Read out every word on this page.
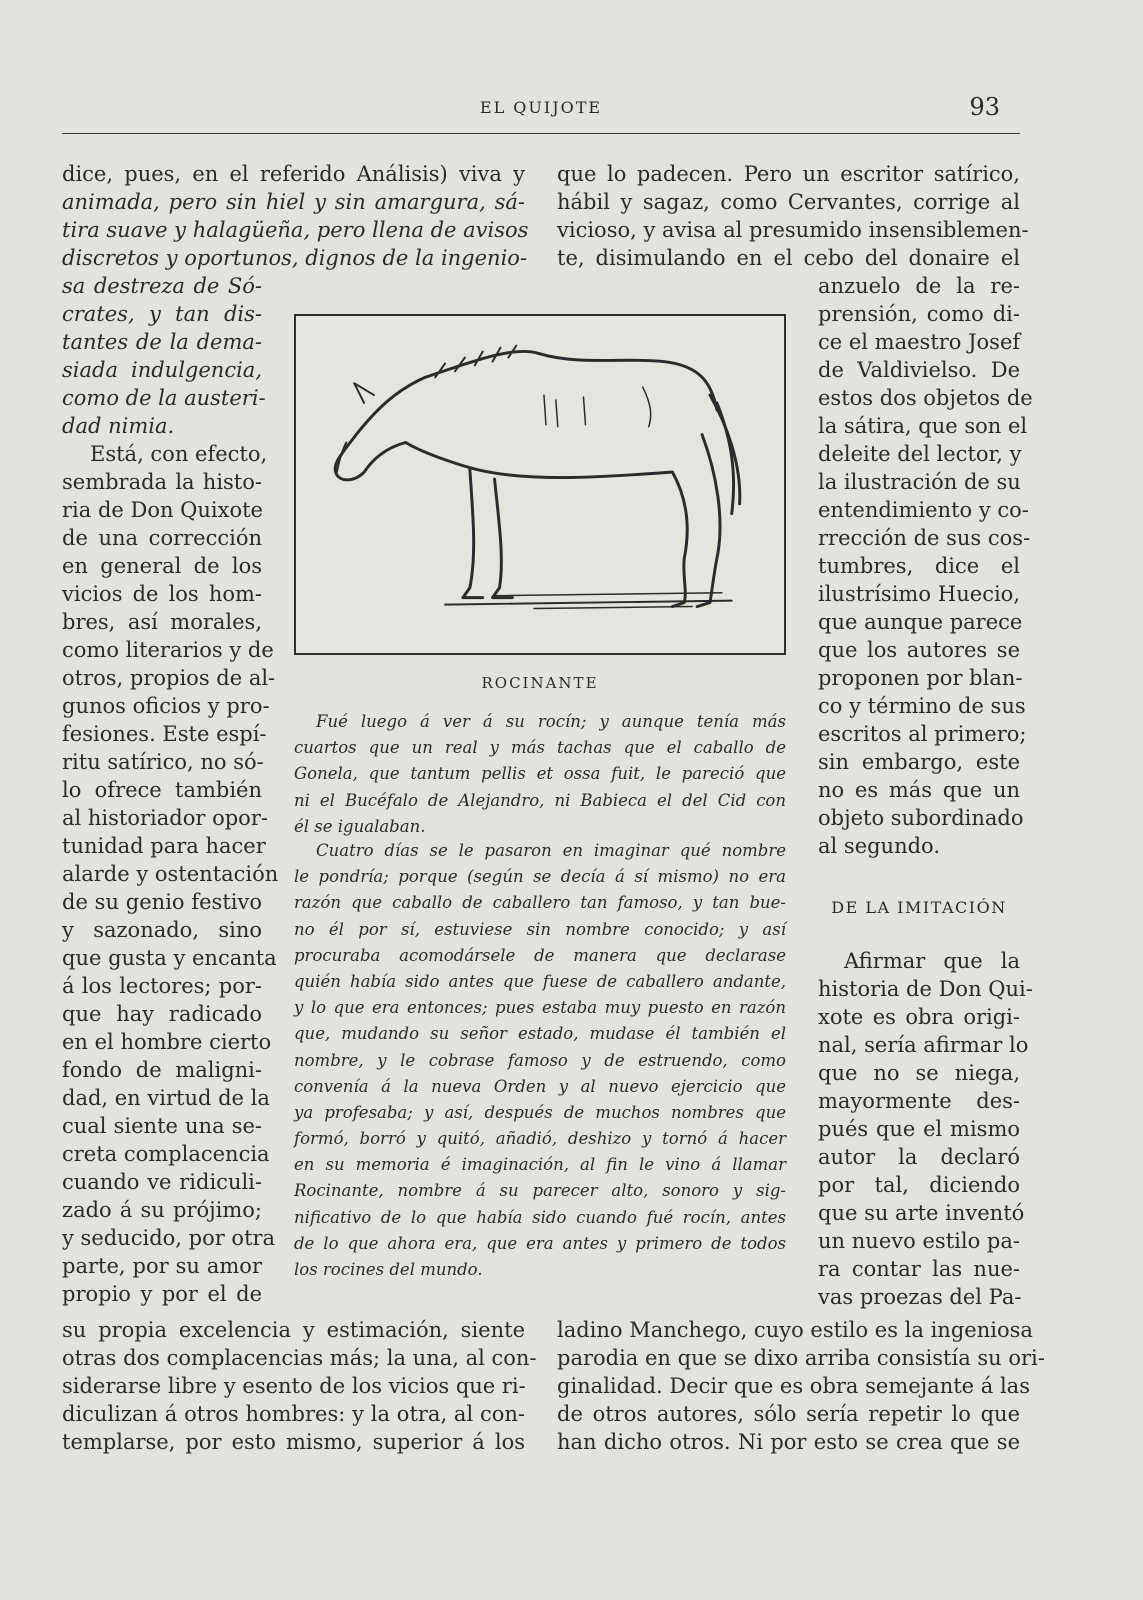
EL QUIJOTE	93
dice, pues, en el referido Análisis) viva y
animada, pero sin hiel y sin amargura, sá-
tira suave y halagüeña, pero llena de avisos
discretos y oportunos, dignos de la ingenio-
sa destreza de Só-
crates, y tan dis-
tantes de la dema-
siada indulgencia,
como de la austeri-
dad nimia.
Está, con efecto,
sembrada la histo-
ria de Don Quixote
de una corrección
en general de los
vicios de los hom-
bres, así morales,
como literarios y de
otros, propios de al-
gunos oficios y pro-
fesiones. Este espí-
ritu satírico, no só-
lo ofrece también
al historiador opor-
tunidad para hacer
alarde y ostentación
de su genio festivo
y sazonado, sino
que gusta y encanta
á los lectores; por-
que hay radicado
en el hombre cierto
fondo de maligni-
dad, en virtud de la
cual siente una se-
creta complacencia
cuando ve ridiculi-
zado á su prójimo;
y seducido, por otra
parte, por su amor
propio y por el de
su propia excelencia y estimación, siente
otras dos complacencias más; la una, al con-
siderarse libre y esento de los vicios que ri-
diculizan á otros hombres: y la otra, al con-
templarse, por esto mismo, superior á los
que lo padecen. Pero un escritor satírico,
hábil y sagaz, como Cervantes, corrige al
vicioso, y avisa al presumido insensiblemen-
te, disimulando en el cebo del donaire el
anzuelo de la re-
prensión, como di-
ce el maestro Josef
de Valdivielso. De
estos dos objetos de
la sátira, que son el
deleite del lector, y
la ilustración de su
entendimiento y co-
rrección de sus cos-
tumbres, dice el
ilustrísimo Huecio,
que aunque parece
que los autores se
proponen por blan-
co y término de sus
escritos al primero;
sin embargo, este
no es más que un
objeto subordinado
al segundo.
DE LA IMITACIÓN
Afirmar que la
historia de Don Qui-
xote es obra origi-
nal, sería afirmar lo
que no se niega,
mayormente des-
pués que el mismo
autor la declaró
por tal, diciendo
que su arte inventó
un nuevo estilo pa-
ra contar las nue-
vas proezas del Pa-
ladino Manchego, cuyo estilo es la ingeniosa
parodia en que se dixo arriba consistía su ori-
ginalidad. Decir que es obra semejante á las
de otros autores, sólo sería repetir lo que
han dicho otros. Ni por esto se crea que se
ROCINANTE
Fué luego á ver á su rocín; y aunque tenía más
cuartos que un real y más tachas que el caballo de
Gonela, que tantum pellis et ossa fuit, le pareció que
ni el Bucéfalo de Alejandro, ni Babieca el del Cid con
él se igualaban.
Cuatro días se le pasaron en imaginar qué nombre
le pondría; porque (según se decía á sí mismo) no era
razón que caballo de caballero tan famoso, y tan bue-
no él por sí, estuviese sin nombre conocido; y así
procuraba acomodársele de manera que declarase
quién había sido antes que fuese de caballero andante,
y lo que era entonces; pues estaba muy puesto en razón
que, mudando su señor estado, mudase él también el
nombre, y le cobrase famoso y de estruendo, como
convenía á la nueva Orden y al nuevo ejercicio que
ya profesaba; y así, después de muchos nombres que
formó, borró y quitó, añadió, deshizo y tornó á hacer
en su memoria é imaginación, al fin le vino á llamar
Rocinante, nombre á su parecer alto, sonoro y sig-
nificativo de lo que había sido cuando fué rocín, antes
de lo que ahora era, que era antes y primero de todos
los rocines del mundo.
